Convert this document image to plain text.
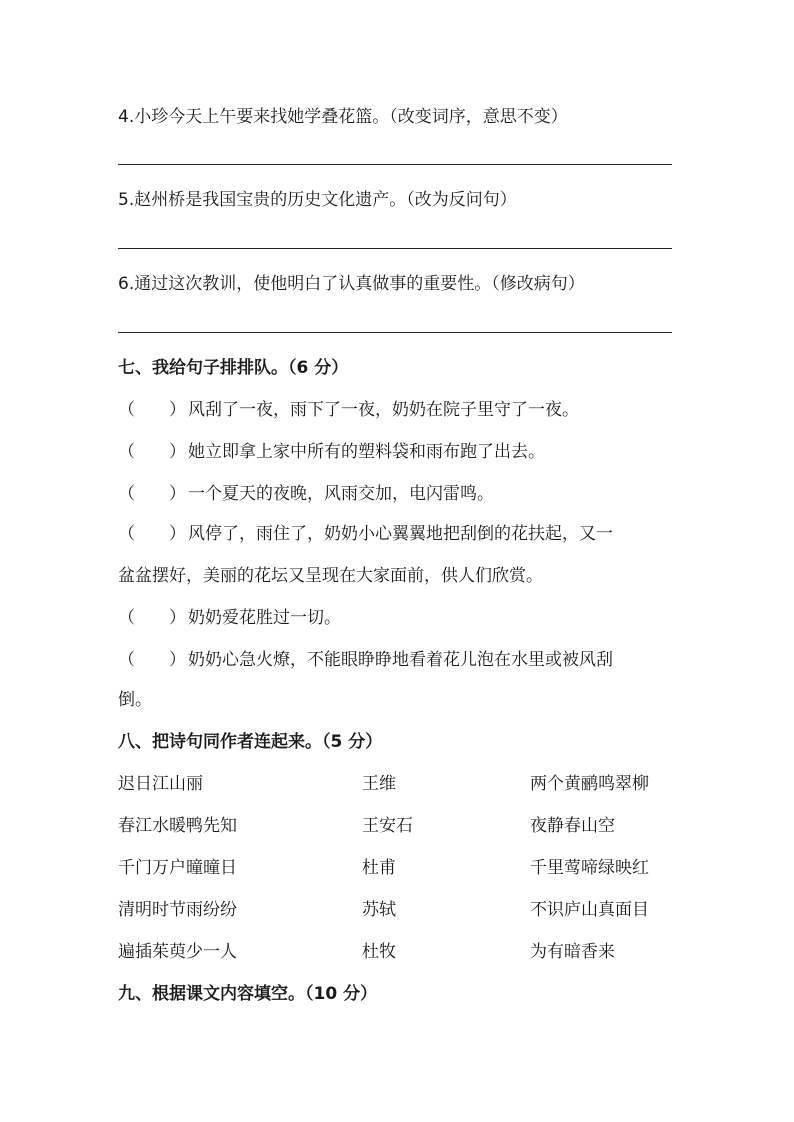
4.小珍今天上午要来找她学叠花篮。（改变词序，意思不变）
5.赵州桥是我国宝贵的历史文化遗产。（改为反问句）
6.通过这次教训，使他明白了认真做事的重要性。（修改病句）
七、我给句子排排队。（6 分）
（　　） 风刮了一夜，雨下了一夜，奶奶在院子里守了一夜。
（　　） 她立即拿上家中所有的塑料袋和雨布跑了出去。
（　　） 一个夏天的夜晚，风雨交加，电闪雷鸣。
（　　） 风停了，雨住了，奶奶小心翼翼地把刮倒的花扶起，又一
盆盆摆好，美丽的花坛又呈现在大家面前，供人们欣赏。
（　　） 奶奶爱花胜过一切。
（　　） 奶奶心急火燎，不能眼睁睁地看着花儿泡在水里或被风刮
倒。
八、把诗句同作者连起来。（5 分）
迟日江山丽	王维	两个黄鹂鸣翠柳
春江水暖鸭先知	王安石	夜静春山空
千门万户曈曈日	杜甫	千里莺啼绿映红
清明时节雨纷纷	苏轼	不识庐山真面目
遍插茱萸少一人	杜牧	为有暗香来
九、根据课文内容填空。（10 分）
